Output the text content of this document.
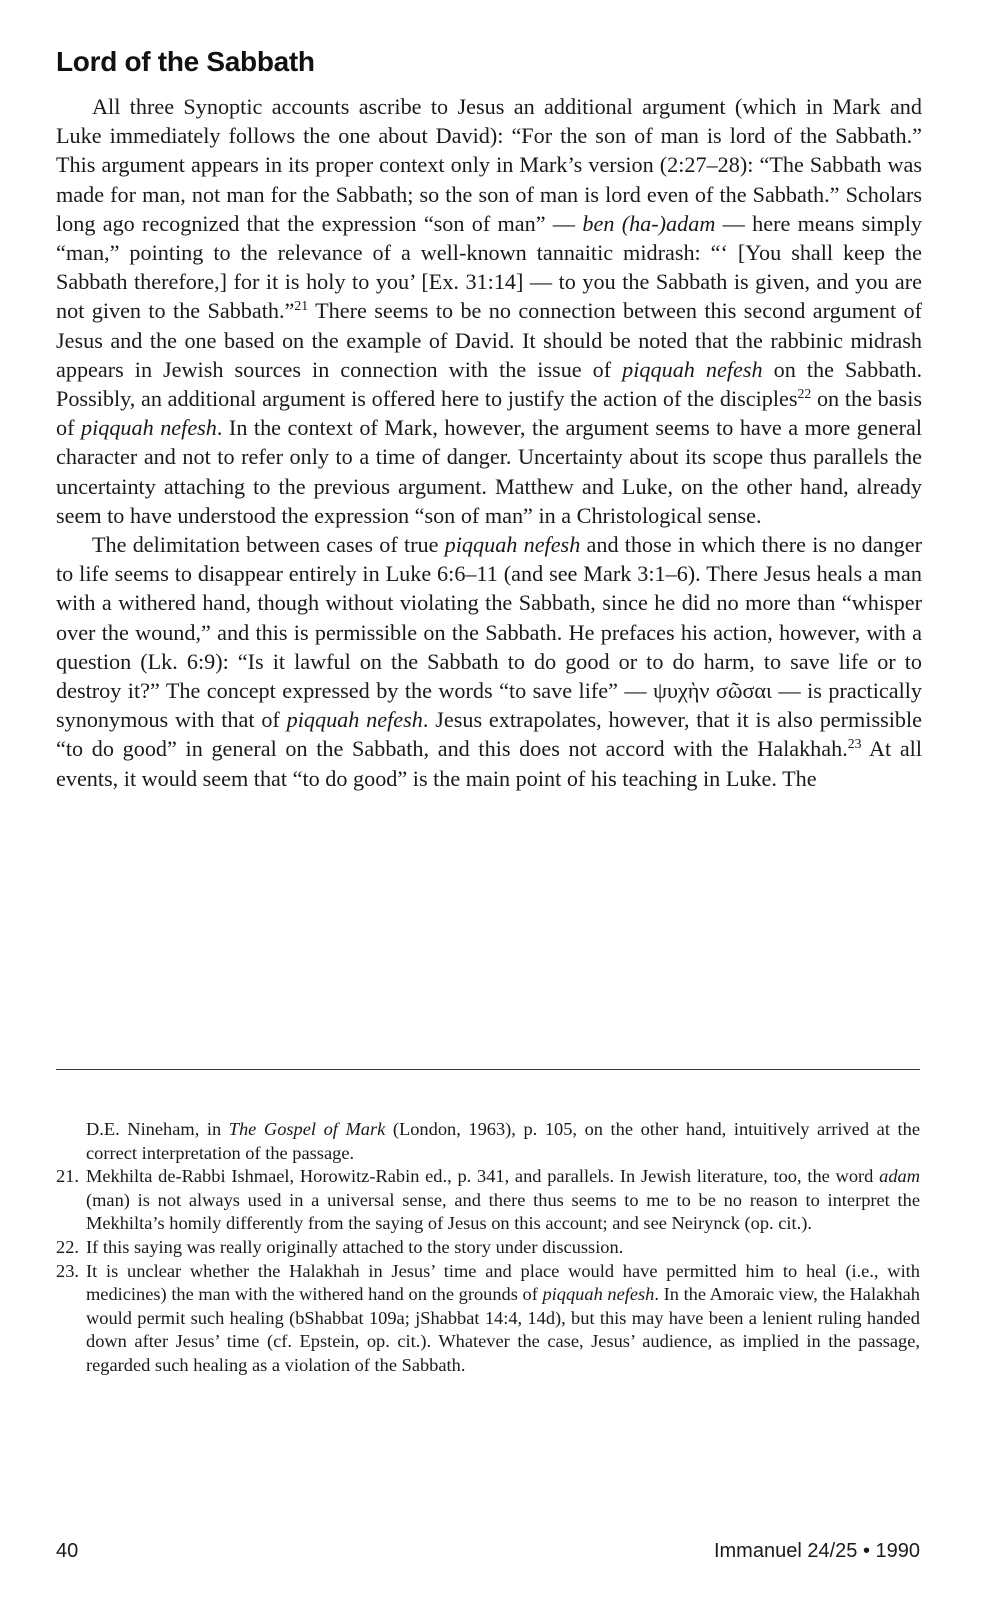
Lord of the Sabbath

All three Synoptic accounts ascribe to Jesus an additional argument (which in Mark and Luke immediately follows the one about David): “For the son of man is lord of the Sabbath.” This argument appears in its proper context only in Mark’s version (2:27–28): “The Sabbath was made for man, not man for the Sabbath; so the son of man is lord even of the Sabbath.” Scholars long ago recognized that the expression “son of man” — ben (ha-)adam — here means simply “man,” pointing to the relevance of a well-known tannaitic midrash: “‘ [You shall keep the Sabbath therefore,] for it is holy to you’ [Ex. 31:14] — to you the Sabbath is given, and you are not given to the Sabbath.”$^{21}$ There seems to be no connection between this second argument of Jesus and the one based on the example of David. It should be noted that the rabbinic midrash appears in Jewish sources in connection with the issue of piqquah nefesh on the Sabbath. Possibly, an additional argument is offered here to justify the action of the disciples$^{22}$ on the basis of piqquah nefesh. In the context of Mark, however, the argument seems to have a more general character and not to refer only to a time of danger. Uncertainty about its scope thus parallels the uncertainty attaching to the previous argument. Matthew and Luke, on the other hand, already seem to have understood the expression “son of man” in a Christological sense.

The delimitation between cases of true piqquah nefesh and those in which there is no danger to life seems to disappear entirely in Luke 6:6–11 (and see Mark 3:1–6). There Jesus heals a man with a withered hand, though without violating the Sabbath, since he did no more than “whisper over the wound,” and this is permissible on the Sabbath. He prefaces his action, however, with a question (Lk. 6:9): “Is it lawful on the Sabbath to do good or to do harm, to save life or to destroy it?” The concept expressed by the words “to save life” — ψυχὴν σῶσαι — is practically synonymous with that of piqquah nefesh. Jesus extrapolates, however, that it is also permissible “to do good” in general on the Sabbath, and this does not accord with the Halakhah.$^{23}$ At all events, it would seem that “to do good” is the main point of his teaching in Luke. The

D.E. Nineham, in The Gospel of Mark (London, 1963), p. 105, on the other hand, intuitively arrived at the correct interpretation of the passage.
21. Mekhilta de-Rabbi Ishmael, Horowitz-Rabin ed., p. 341, and parallels. In Jewish literature, too, the word adam (man) is not always used in a universal sense, and there thus seems to me to be no reason to interpret the Mekhilta’s homily differently from the saying of Jesus on this account; and see Neirynck (op. cit.).
22. If this saying was really originally attached to the story under discussion.
23. It is unclear whether the Halakhah in Jesus’ time and place would have permitted him to heal (i.e., with medicines) the man with the withered hand on the grounds of piqquah nefesh. In the Amoraic view, the Halakhah would permit such healing (bShabbat 109a; jShabbat 14:4, 14d), but this may have been a lenient ruling handed down after Jesus’ time (cf. Epstein, op. cit.). Whatever the case, Jesus’ audience, as implied in the passage, regarded such healing as a violation of the Sabbath.
40	Immanuel 24/25 • 1990
